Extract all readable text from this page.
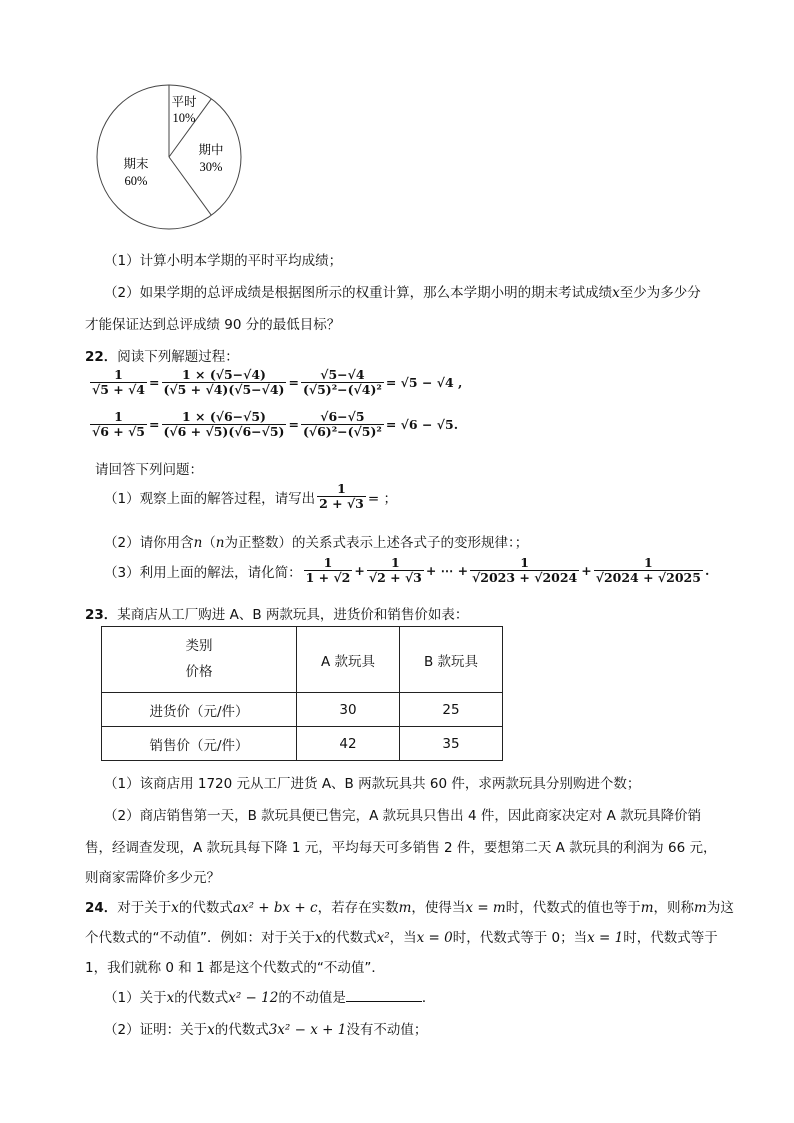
平时
10%
期中
30%
期末
60%
（1）计算小明本学期的平时平均成绩；
（2）如果学期的总评成绩是根据图所示的权重计算，那么本学期小明的期末考试成绩x至少为多少分
才能保证达到总评成绩 90 分的最低目标？
22．阅读下列解题过程：
$\frac{1}{√5 + √4} = \frac{1 \times (√5-√4)}{(√5 + √4)(√5-√4)} = \frac{√5-√4}{\text{(√5)²−(√4)²}} = √5 - √4$ ,
$\frac{1}{√6 + √5} = \frac{1 \times (√6-√5)}{(√6 + √5)(√6-√5)} = \frac{√6-√5}{\text{(√6)²−(√5)²}} = √6 - √5$.
请回答下列问题：
（1）观察上面的解答过程，请写出 $\frac{1}{2 + √3}$ = ；
（2）请你用含n（n为正整数）的关系式表示上述各式子的变形规律：；
（3）利用上面的解法，请化简： $\frac{1}{1 + √2} + \frac{1}{√2 + √3}$ + ⋯ + $\frac{1}{√2023 + √2024} + \frac{1}{√2024 + √2025}$ .
23．某商店从工厂购进 A、B 两款玩具，进货价和销售价如表：
类别
价格	A 款玩具	B 款玩具
进货价（元/件）	30	25
销售价（元/件）	42	35
（1）该商店用 1720 元从工厂进货 A、B 两款玩具共 60 件，求两款玩具分别购进个数；
（2）商店销售第一天，B 款玩具便已售完，A 款玩具只售出 4 件，因此商家决定对 A 款玩具降价销
售，经调查发现，A 款玩具每下降 1 元，平均每天可多销售 2 件，要想第二天 A 款玩具的利润为 66 元，
则商家需降价多少元？
24．对于关于x的代数式ax² + bx + c，若存在实数m，使得当x = m时，代数式的值也等于m，则称m为这
个代数式的“不动值”．例如：对于关于x的代数式x²，当x = 0时，代数式等于 0；当x = 1时，代数式等于
1，我们就称 0 和 1 都是这个代数式的“不动值”．
（1）关于x的代数式x² − 12的不动值是	．
（2）证明：关于x的代数式3x² − x + 1没有不动值；
